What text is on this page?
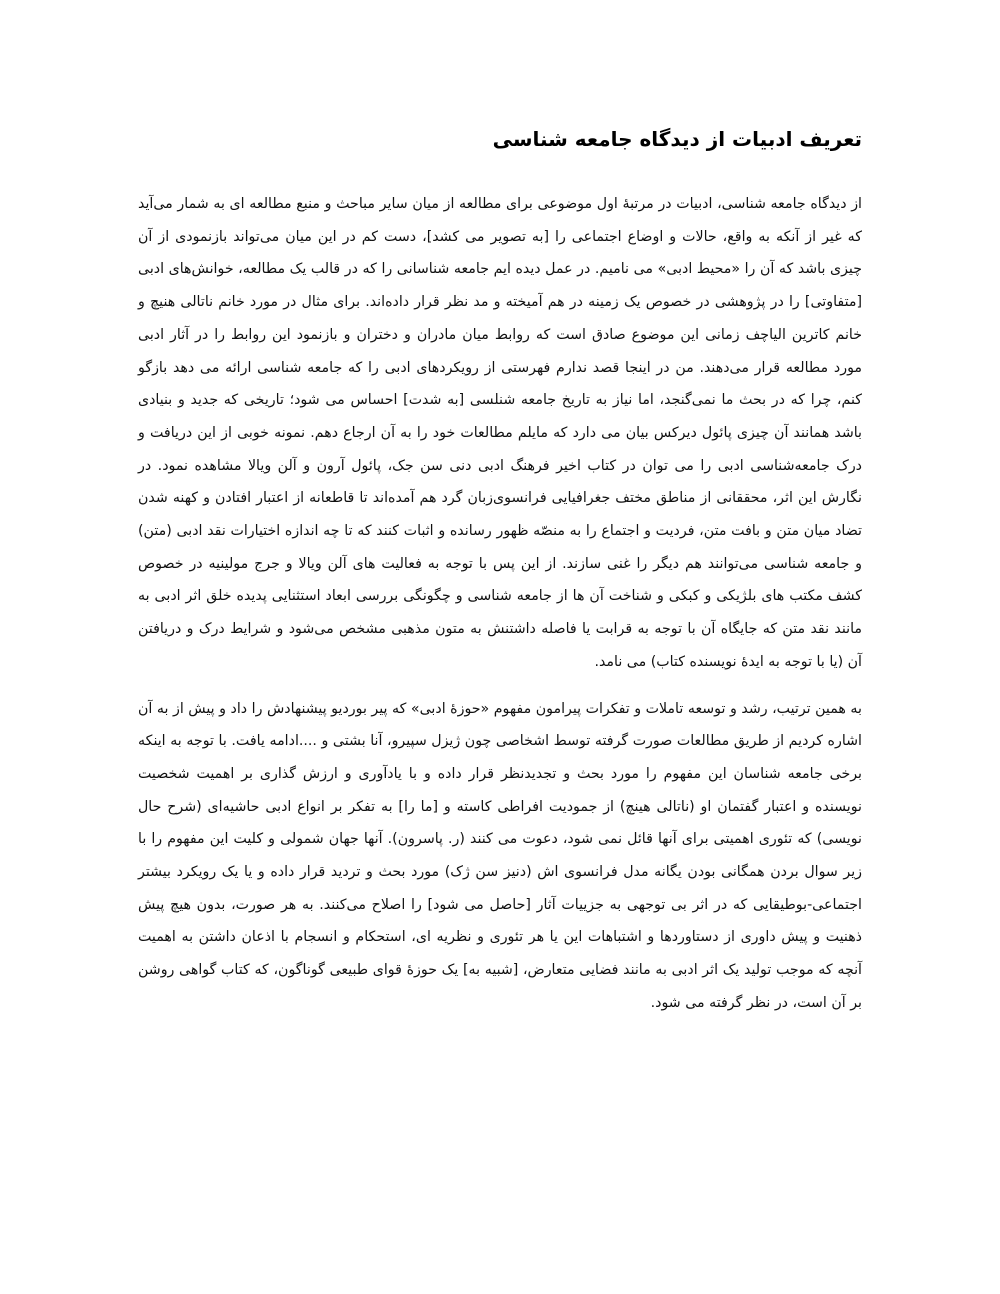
تعریف ادبیات از دیدگاه جامعه شناسی

از دیدگاه جامعه شناسی، ادبیات در مرتبۀ اول موضوعی برای مطالعه از میان سایر مباحث و منبع مطالعه ای به شمار می‌آید که غیر از آنکه به واقع، حالات و اوضاع اجتماعی را [به تصویر می کشد]، دست کم در این میان می‌تواند بازنمودی از آن چیزی باشد که آن را «محیط ادبی» می نامیم. در عمل دیده ایم جامعه شناسانی را که در قالب یک مطالعه، خوانش‌های ادبی [متفاوتی] را در پژوهشی در خصوص یک زمینه در هم آمیخته و مد نظر قرار داده‌اند. برای مثال در مورد خانم ناتالی هنیچ و خانم کاترین الیاچف زمانی این موضوع صادق است که روابط میان مادران و دختران و بازنمود این روابط را در آثار ادبی مورد مطالعه قرار می‌دهند. من در اینجا قصد ندارم فهرستی از رویکردهای ادبی را که جامعه شناسی ارائه می دهد بازگو کنم، چرا که در بحث ما نمی‌گنجد، اما نیاز به تاریخ جامعه شنلسی [به شدت] احساس می شود؛ تاریخی که جدید و بنیادی باشد همانند آن چیزی پائول دیرکس بیان می دارد که مایلم مطالعات خود را به آن ارجاع دهم. نمونه خوبی از این دریافت و درک جامعه‌شناسی ادبی را می توان در کتاب اخیر فرهنگ ادبی دنی سن جک، پائول آرون و آلن ویالا مشاهده نمود. در نگارش این اثر، محققانی از مناطق مختف جغرافیایی فرانسوی‌زبان گرد هم آمده‌اند تا قاطعانه از اعتبار افتادن و کهنه شدن تضاد میان متن و بافت متن، فردیت و اجتماع را به منصّه ظهور رسانده و اثبات کنند که تا چه اندازه اختیارات نقد ادبی (متن) و جامعه شناسی می‌توانند هم دیگر را غنی سازند. از این پس با توجه به فعالیت های آلن ویالا و جرج مولینیه در خصوص کشف مکتب های بلژیکی و کبکی و شناخت آن ها از جامعه شناسی و چگونگی بررسی ابعاد استثنایی پدیده خلق اثر ادبی به مانند نقد متن که جایگاه آن با توجه به قرابت یا فاصله داشتنش به متون مذهبی مشخص می‌شود و شرایط درک و دریافتن آن (یا با توجه به ایدۀ نویسنده کتاب) می نامد.

به همین ترتیب، رشد و توسعه تاملات و تفکرات پیرامون مفهوم «حوزۀ ادبی» که پیر بوردیو پیشنهادش را داد و پیش از به آن اشاره کردیم از طریق مطالعات صورت گرفته توسط اشخاصی چون ژیزل سپیرو، آنا بشتی و ....ادامه یافت. با توجه به اینکه برخی جامعه شناسان این مفهوم را مورد بحث و تجدیدنظر قرار داده و با یادآوری و ارزش گذاری بر اهمیت شخصیت نویسنده و اعتبار گفتمان او (ناتالی هینچ) از جمودیت افراطی کاسته و [ما را] به تفکر بر انواع ادبی حاشیه‌ای (شرح حال نویسی) که تئوری اهمیتی برای آنها قائل نمی شود، دعوت می کنند (ر. پاسرون). آنها جهان شمولی و کلیت این مفهوم را با زیر سوال بردن همگانی بودن یگانه مدل فرانسوی اش (دنیز سن ژک) مورد بحث و تردید قرار داده و یا یک رویکرد بیشتر اجتماعی-بوطیقایی که در اثر بی توجهی به جزییات آثار [حاصل می شود] را اصلاح می‌کنند. به هر صورت، بدون هیچ پیش ذهنیت و پیش داوری از دستاوردها و اشتباهات این یا هر تئوری و نظریه ای، استحکام و انسجام با اذعان داشتن به اهمیت آنچه که موجب تولید یک اثر ادبی به مانند فضایی متعارض، [شبیه به] یک حوزۀ قوای طبیعی گوناگون، که کتاب گواهی روشن بر آن است، در نظر گرفته می شود.
